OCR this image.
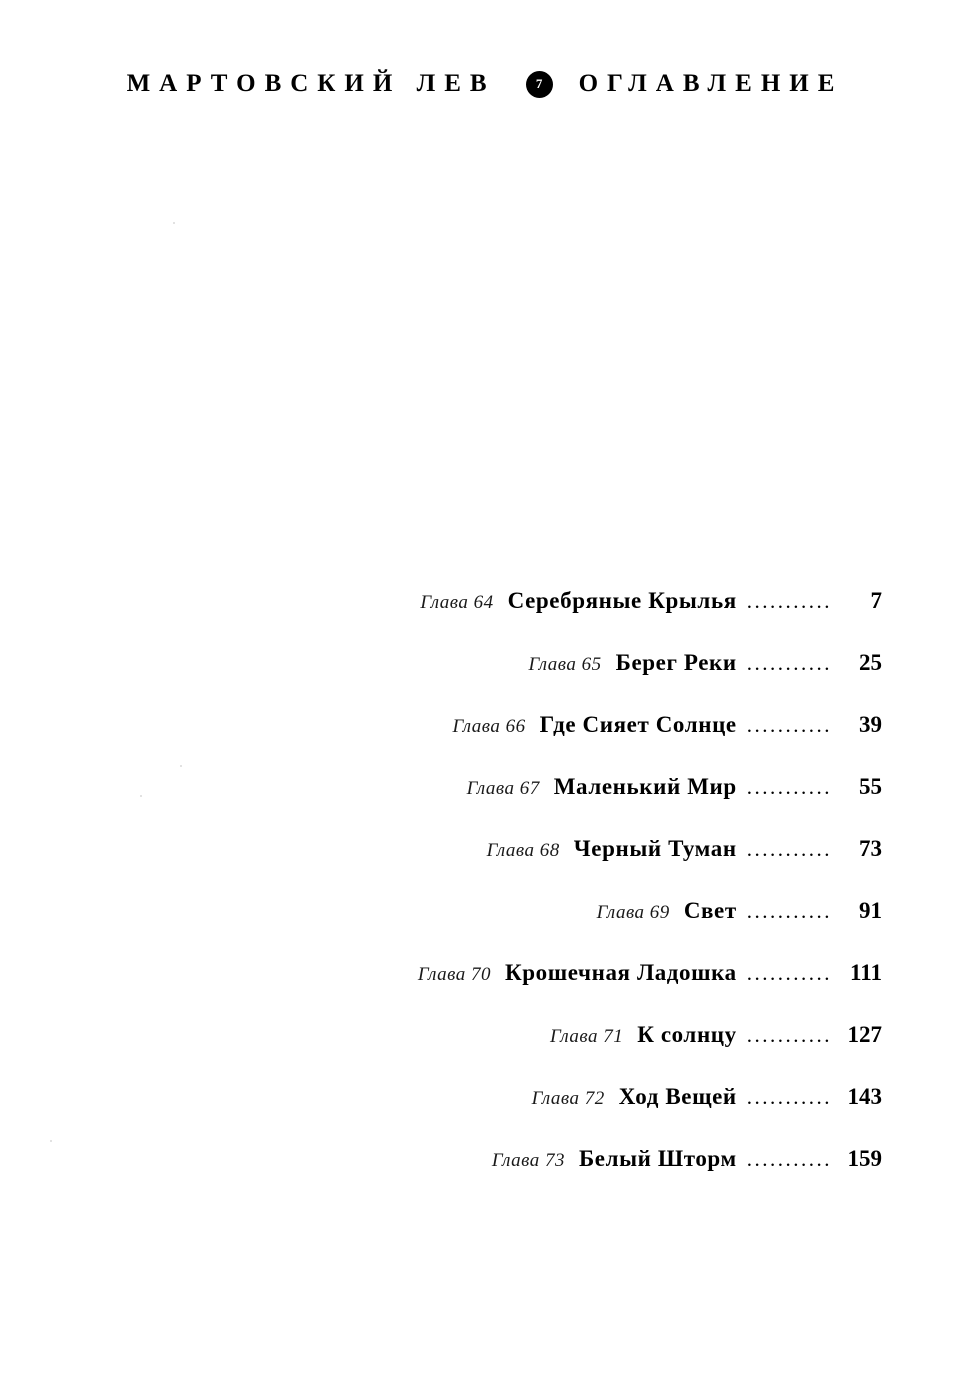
МАРТОВСКИЙ ЛЕВ	7	ОГЛАВЛЕНИЕ
Глава 64 Серебряные Крылья ...........	7
Глава 65 Берег Реки ...........	25
Глава 66 Где Сияет Солнце ...........	39
Глава 67 Маленький Мир ...........	55
Глава 68 Черный Туман ...........	73
Глава 69 Свет ...........	91
Глава 70 Крошечная Ладошка ........... 111
Глава 71 К солнцу ........... 127
Глава 72 Ход Вещей ........... 143
Глава 73 Белый Шторм ........... 159
